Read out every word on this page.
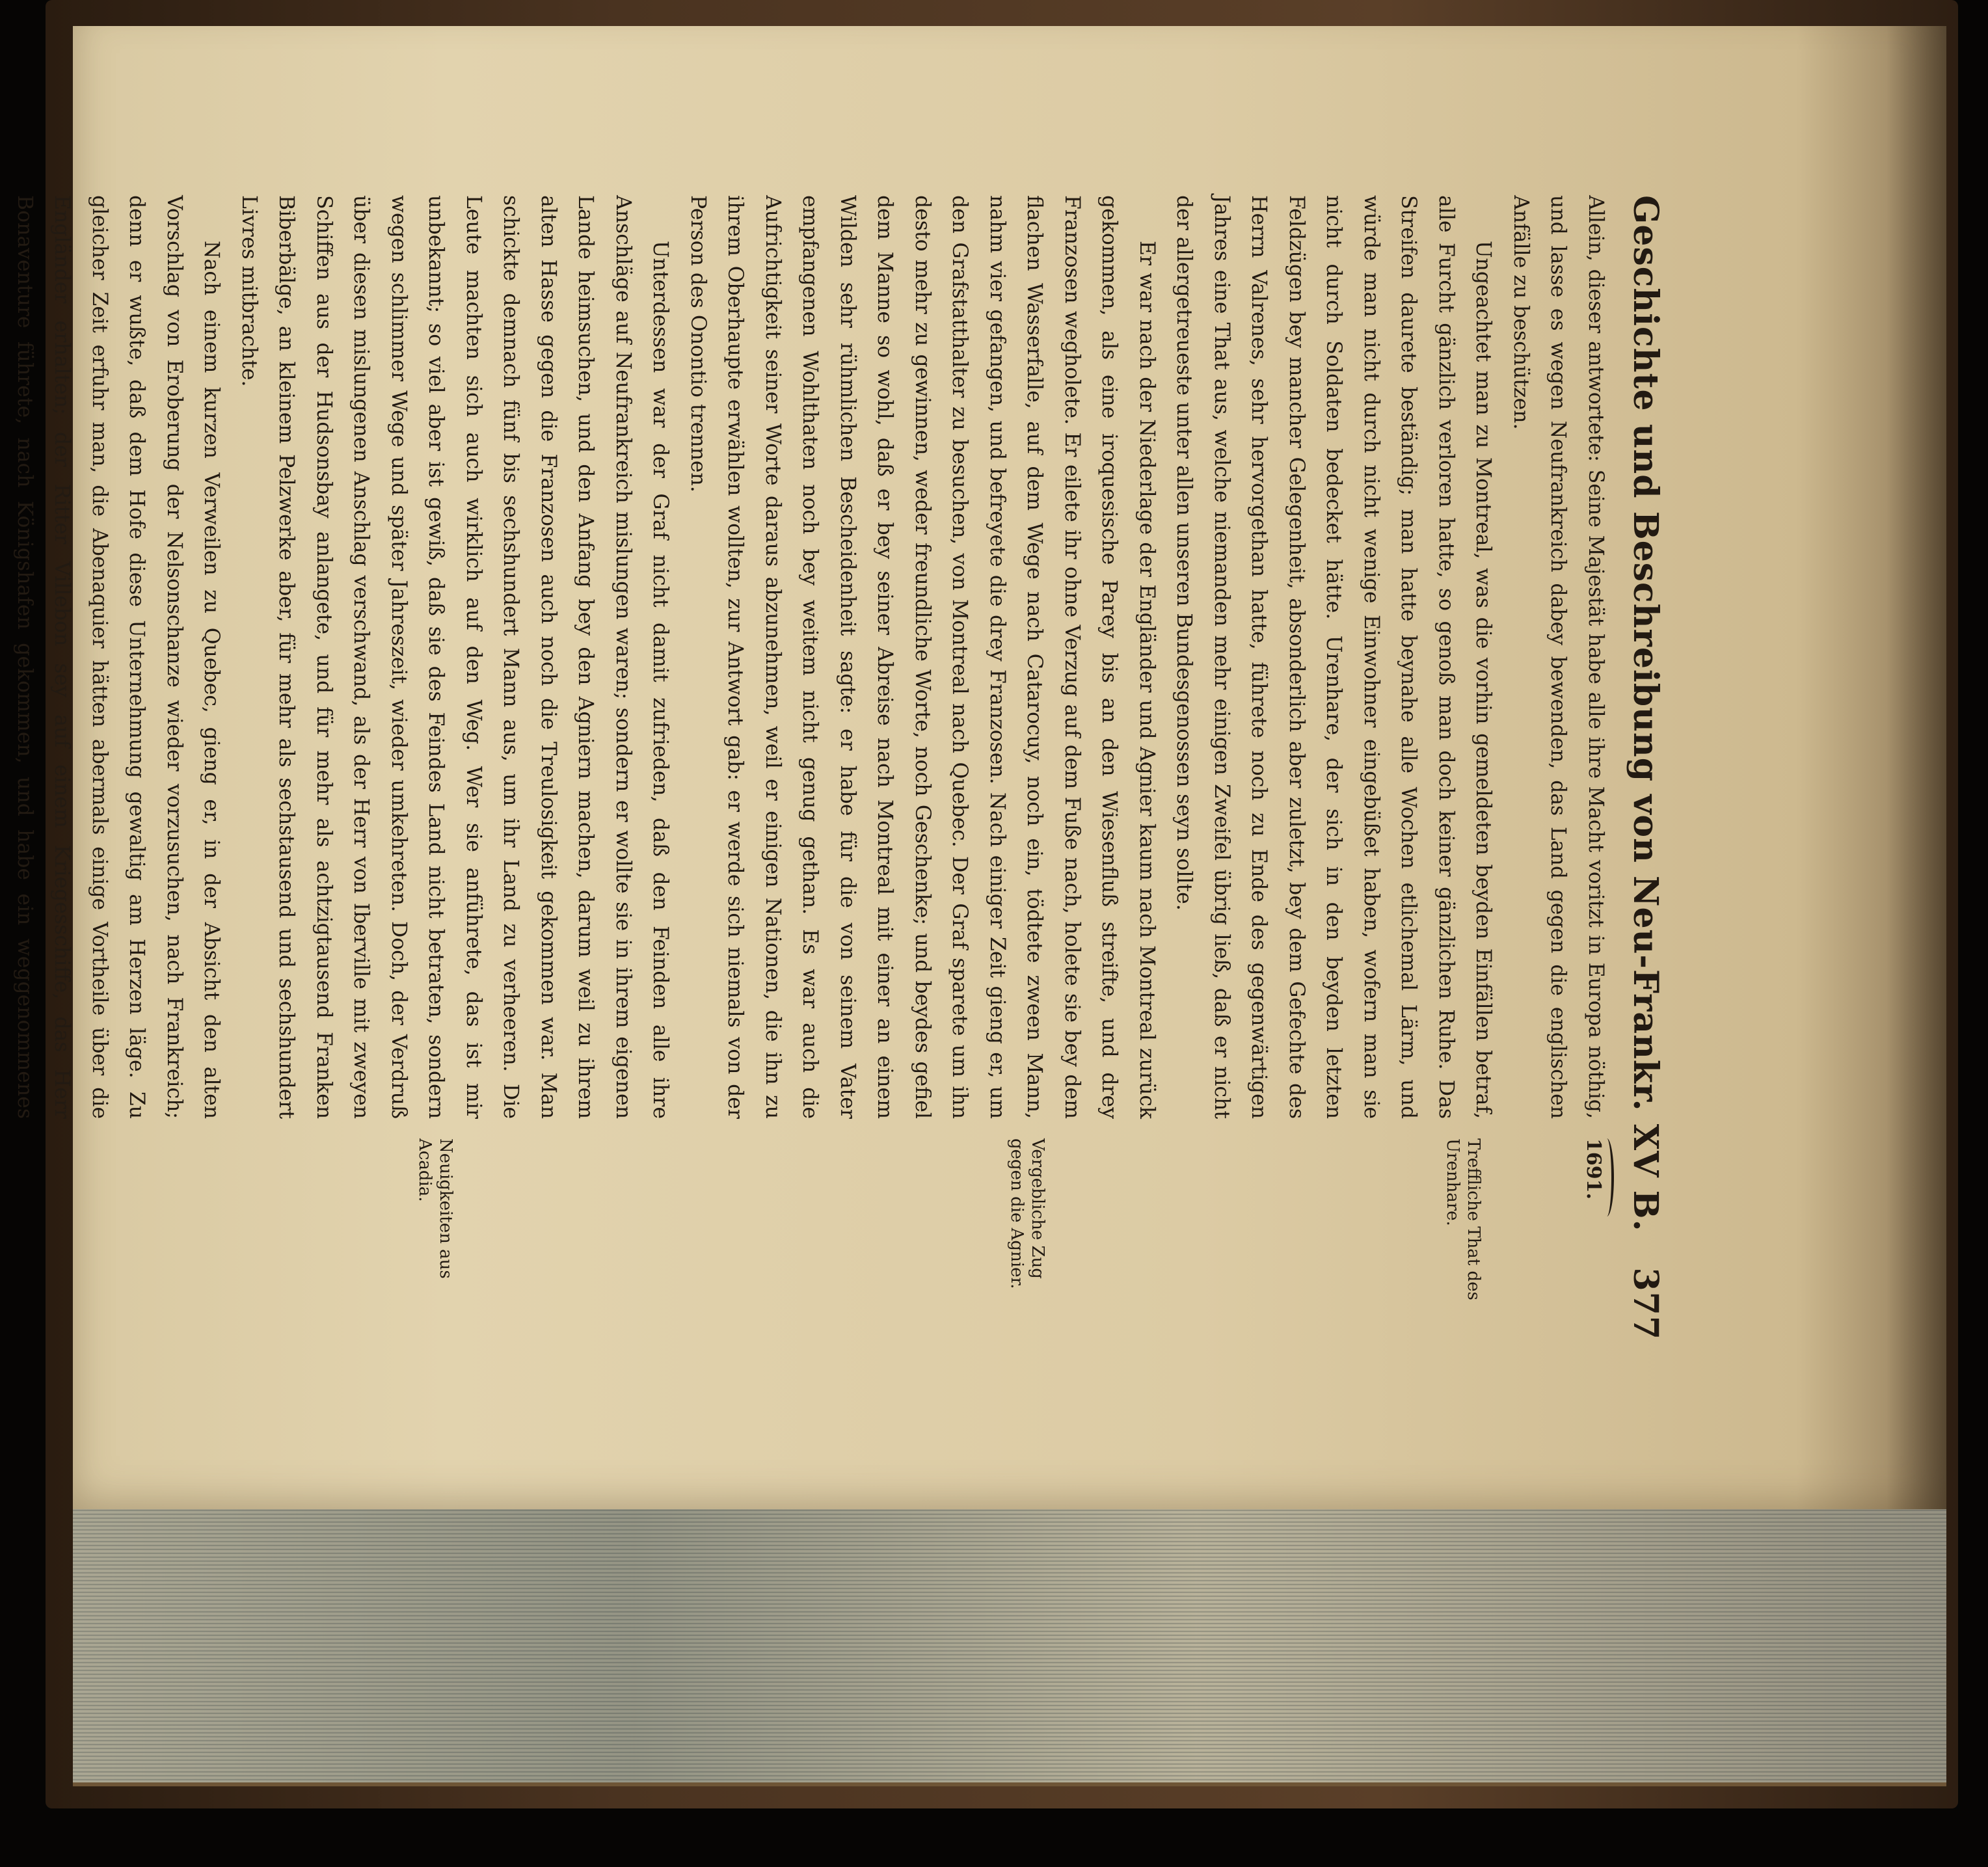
Geschichte und Beschreibung von Neu-Frankr. XV B.
377

Allein, dieser antwortete: Seine Majestät habe alle ihre Macht voritzt in Europa nöthig, und lasse es wegen Neufrankreich dabey bewenden, das Land gegen die englischen Anfälle zu beschützen.

Ungeachtet man zu Montreal, was die vorhin gemeldeten beyden Einfällen betraf, alle Furcht gänzlich verloren hatte, so genoß man doch keiner gänzlichen Ruhe. Das Streifen daurete beständig; man hatte beynahe alle Wochen etlichemal Lärm, und würde man nicht durch nicht wenige Einwohner eingebüßet haben, wofern man sie nicht durch Soldaten bedecket hätte. Urenhare, der sich in den beyden letzten Feldzügen bey mancher Gelegenheit, absonderlich aber zuletzt, bey dem Gefechte des Herrn Valrenes, sehr hervorgethan hatte, führete noch zu Ende des gegenwärtigen Jahres eine That aus, welche niemanden mehr einigen Zweifel übrig ließ, daß er nicht der allergetreueste unter allen unseren Bundesgenossen seyn sollte.

Er war nach der Niederlage der Engländer und Agnier kaum nach Montreal zurück gekommen, als eine iroquesische Parey bis an den Wiesenfluß streifte, und drey Franzosen wegholete. Er eilete ihr ohne Verzug auf dem Fuße nach, holete sie bey dem flachen Wasserfalle, auf dem Wege nach Catarocuy, noch ein, tödtete zween Mann, nahm vier gefangen, und befreyete die drey Franzosen. Nach einiger Zeit gieng er, um den Grafstatthalter zu besuchen, von Montreal nach Quebec. Der Graf sparete um ihn desto mehr zu gewinnen, weder freundliche Worte, noch Geschenke; und beydes gefiel dem Manne so wohl, daß er bey seiner Abreise nach Montreal mit einer an einem Wilden sehr rühmlichen Bescheidenheit sagte: er habe für die von seinem Vater empfangenen Wohlthaten noch bey weitem nicht genug gethan. Es war auch die Aufrichtigkeit seiner Worte daraus abzunehmen, weil er einigen Nationen, die ihn zu ihrem Oberhaupte erwählen wollten, zur Antwort gab: er werde sich niemals von der Person des Onontio trennen.

Unterdessen war der Graf nicht damit zufrieden, daß den Feinden alle ihre Anschläge auf Neufrankreich mislungen waren; sondern er wollte sie in ihrem eigenen Lande heimsuchen, und den Anfang bey den Agniern machen, darum weil zu ihrem alten Hasse gegen die Franzosen auch noch die Treulosigkeit gekommen war. Man schickte demnach fünf bis sechshundert Mann aus, um ihr Land zu verheeren. Die Leute machten sich auch wirklich auf den Weg. Wer sie anführete, das ist mir unbekannt; so viel aber ist gewiß, daß sie des Feindes Land nicht betraten, sondern wegen schlimmer Wege und später Jahreszeit, wieder umkehreten. Doch, der Verdruß über diesen mislungenen Anschlag verschwand, als der Herr von Iberville mit zweyen Schiffen aus der Hudsonsbay anlangete, und für mehr als achtzigtausend Franken Biberbälge, an kleinem Pelzwerke aber, für mehr als sechstausend und sechshundert Livres mitbrachte.

Nach einem kurzen Verweilen zu Quebec, gieng er, in der Absicht den alten Vorschlag von Eroberung der Nelsonschanze wieder vorzusuchen, nach Frankreich; denn er wußte, daß dem Hofe diese Unternehmung gewaltig am Herzen läge. Zu gleicher Zeit erfuhr man, die Abenaquier hätten abermals einige Vortheile über die Engländer erhalten; der Ritter Villebon sey auf einem Kriegesschiffe, das Herr Bonaventure führete, nach Königshafen gekommen, und habe ein weggenommenes

1691.
Treffliche That des Urenhare.
Vergebliche Zug gegen die Agnier.
Neuigkeiten aus Acadia.
